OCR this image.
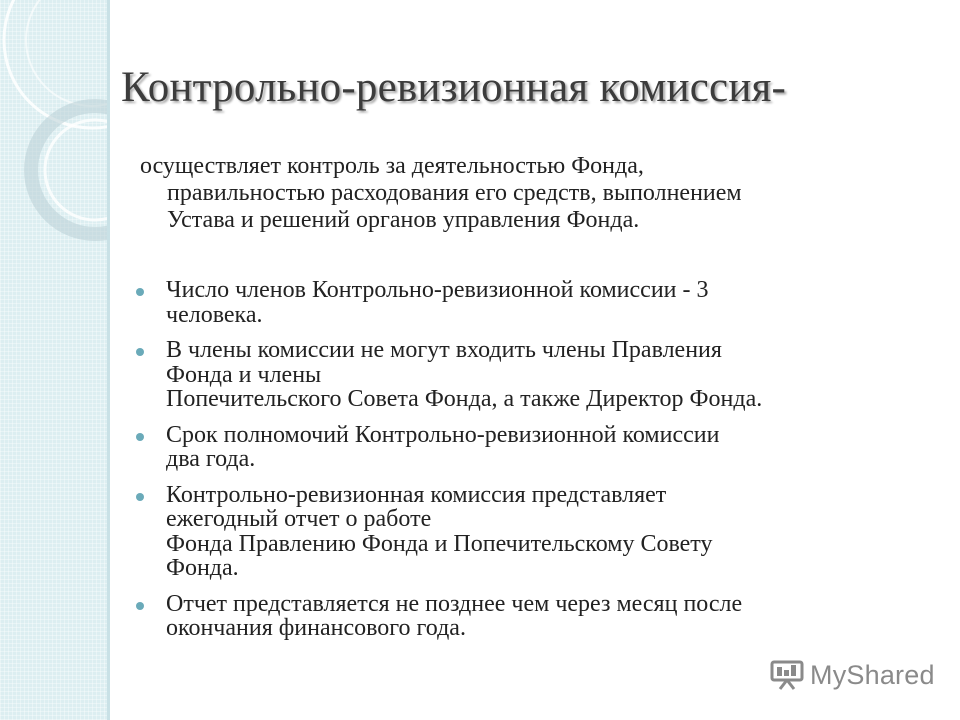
Контрольно-ревизионная комиссия-
осуществляет контроль за деятельностью Фонда,
правильностью расходования его средств, выполнением
Устава и решений органов управления Фонда.
Число членов Контрольно-ревизионной комиссии - 3
человека.
В члены комиссии не могут входить члены Правления
Фонда и члены
Попечительского Совета Фонда, а также Директор Фонда.
Срок полномочий Контрольно-ревизионной комиссии
два года.
Контрольно-ревизионная комиссия представляет
ежегодный отчет о работе
Фонда Правлению Фонда и Попечительскому Совету
Фонда.
Отчет представляется не позднее чем через месяц после
окончания финансового года.
MyShared
